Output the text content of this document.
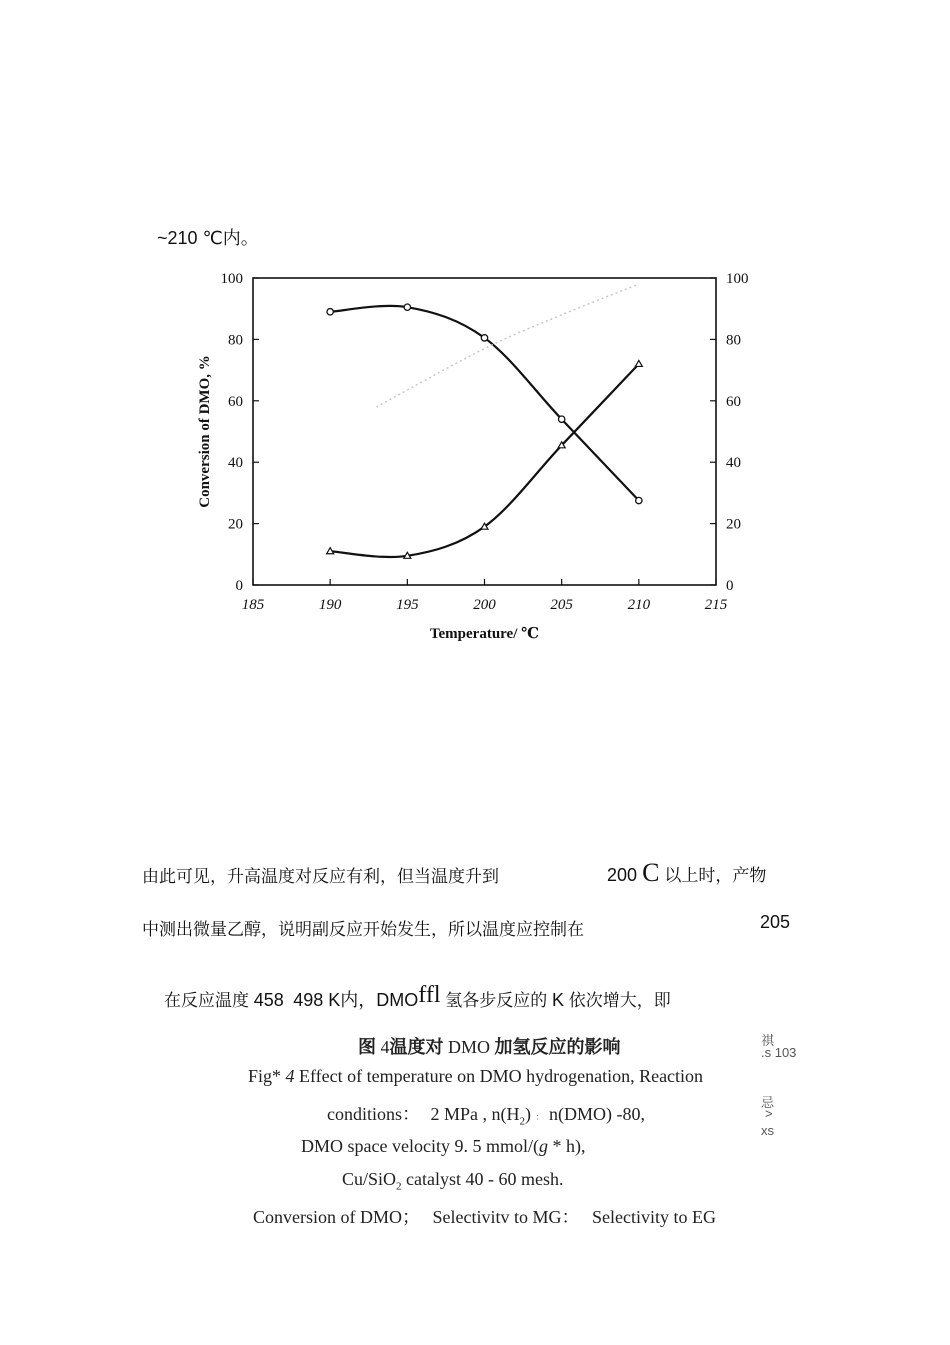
~210 ℃内。
185	190	195	200	205	210	215
0
20
40
60
80
100
0
20
40
60
80
100
Temperature/ ℃
Conversion of DMO, %
由此可见，升高温度对反应有利，但当温度升到	200 C 以上时，产物
中测出微量乙醇，说明副反应开始发生，所以温度应控制在	205
在反应温度 458 498 K内，DMOffl 氢各步反应的 K 依次增大，即
图 4温度对 DMO 加氢反应的影响
Fig* 4 Effect of temperature on DMO hydrogenation, Reaction
conditions： 2 MPa , $n(H_2)$ ： n(DMO) -80,
DMO space velocity 9. 5 mmol/(g * h),
Cu/SiO$_2$ catalyst 40 - 60 mesh.
Conversion of DMO； Selectivitv to MG： Selectivity to EG
祺
.s 103
忌
>
xs
